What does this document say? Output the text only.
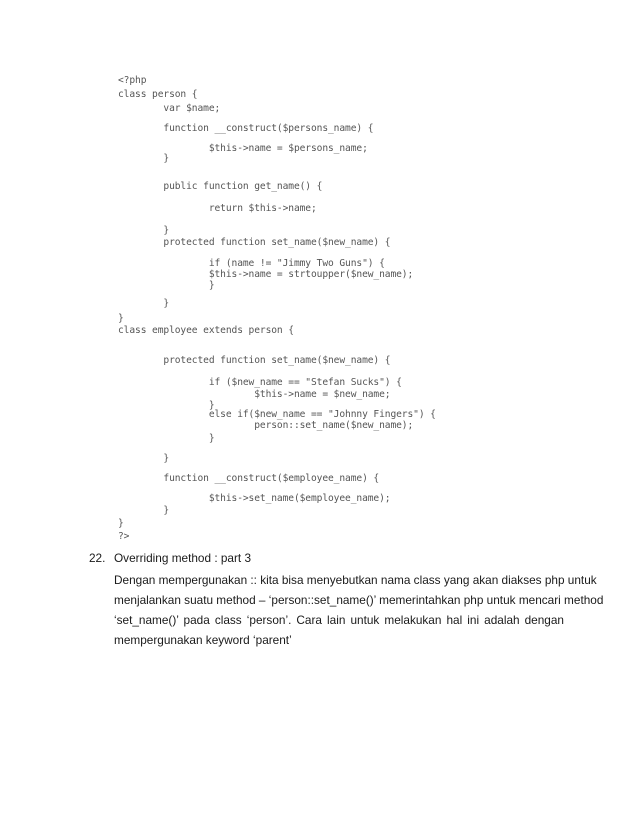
<?php
class person {
var $name;
function __construct($persons_name) {
$this->name = $persons_name;
}
public function get_name() {
return $this->name;
}
protected function set_name($new_name) {
if (name != "Jimmy Two Guns") {
$this->name = strtoupper($new_name);
}
}
}
class employee extends person {
protected function set_name($new_name) {
if ($new_name == "Stefan Sucks") {
$this->name = $new_name;
}
else if($new_name == "Johnny Fingers") {
person::set_name($new_name);
}
}
function __construct($employee_name) {
$this->set_name($employee_name);
}
}
?>
22. Overriding method : part 3
Dengan mempergunakan :: kita bisa menyebutkan nama class yang akan diakses php untuk
menjalankan suatu method – ‘person::set_name()’ memerintahkan php untuk mencari method
‘set_name()’ pada class ‘person’. Cara lain untuk melakukan hal ini adalah dengan
mempergunakan keyword ‘parent’
